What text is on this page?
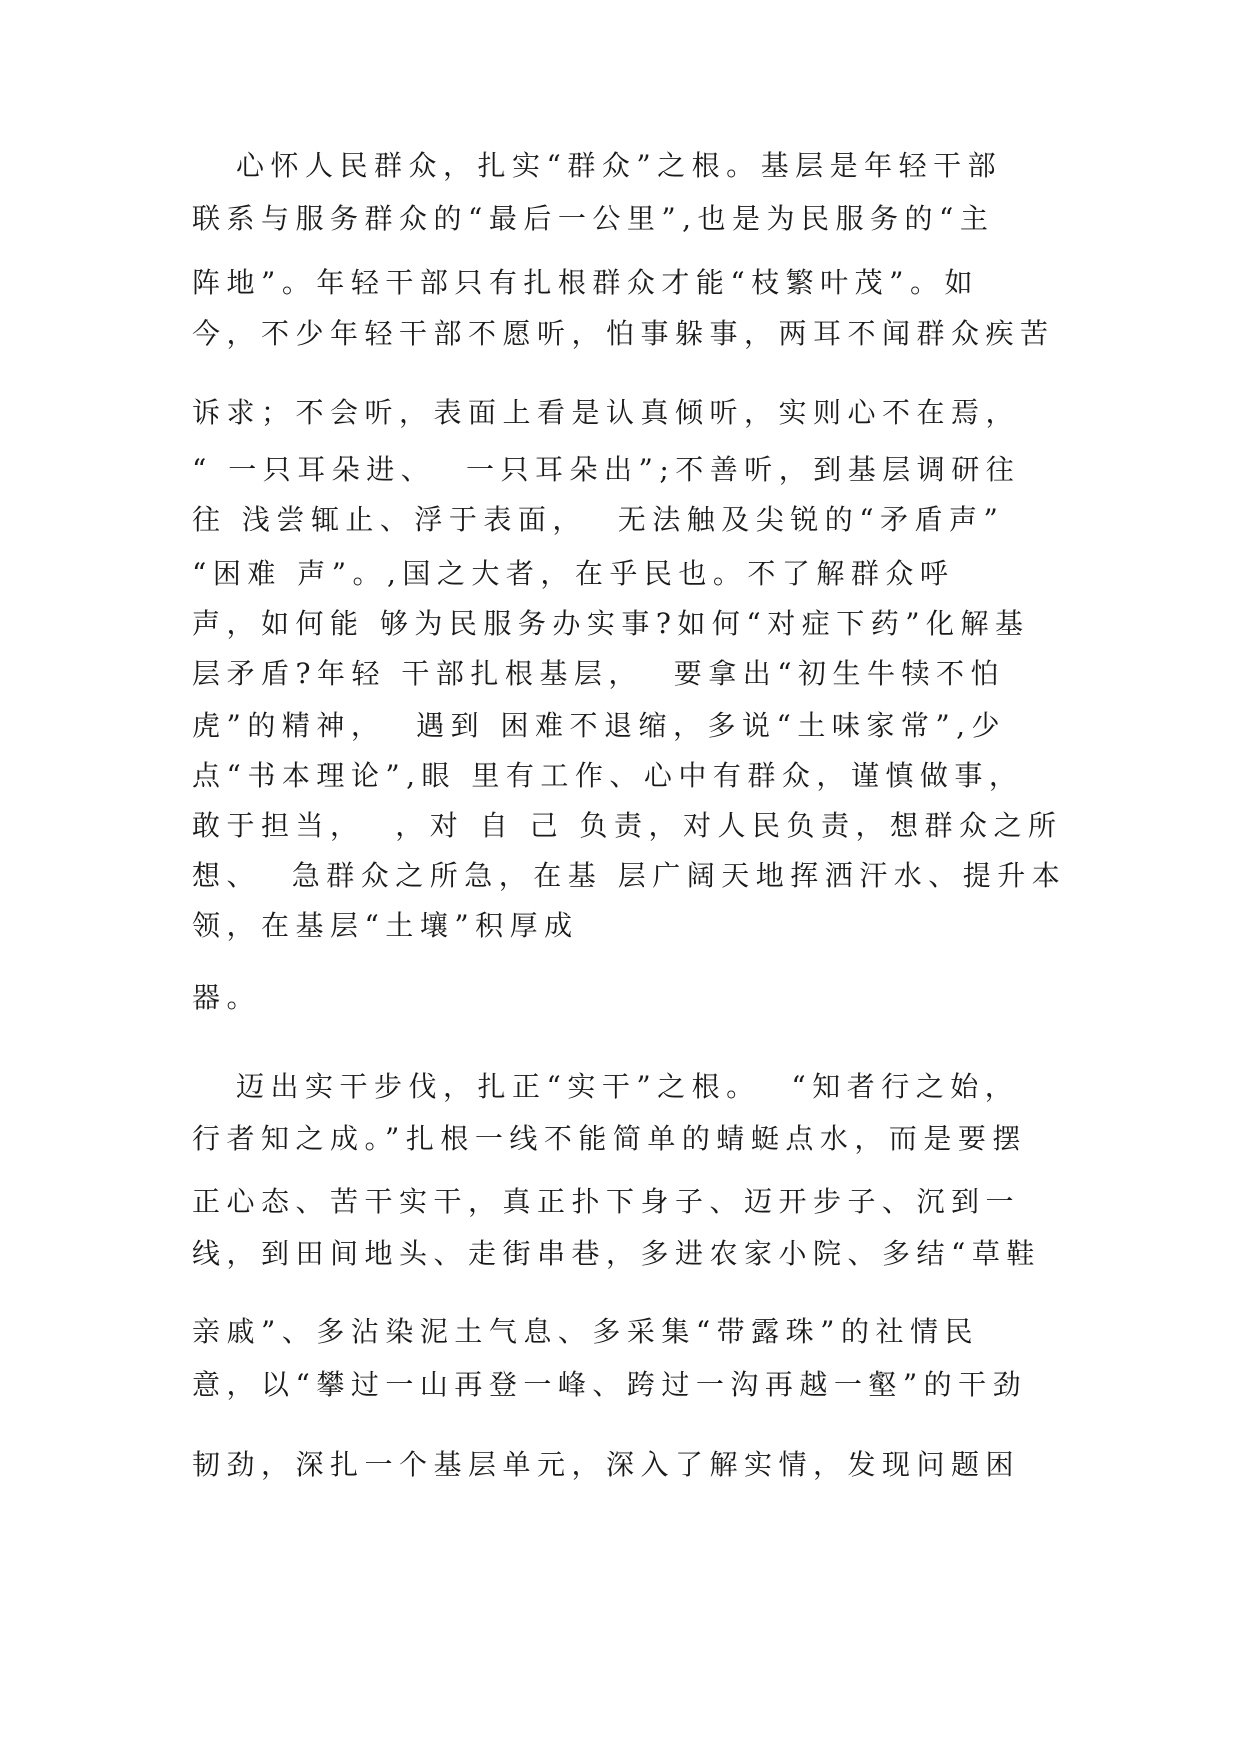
心怀人民群众，扎实“群众”之根。基层是年轻干部
联系与服务群众的“最后一公里”,也是为民服务的“主
阵地”。年轻干部只有扎根群众才能“枝繁叶茂”。如
今，不少年轻干部不愿听，怕事躲事，两耳不闻群众疾苦
诉求；不会听，表面上看是认真倾听，实则心不在焉，
“ 一只耳朵进、  一只耳朵出”;不善听，到基层调研往
往 浅尝辄止、浮于表面，  无法触及尖锐的“矛盾声”
“困难 声”。,国之大者，在乎民也。不了解群众呼
声，如何能 够为民服务办实事?如何“对症下药”化解基
层矛盾?年轻 干部扎根基层，  要拿出“初生牛犊不怕
虎”的精神，  遇到 困难不退缩，多说“土味家常”,少
点“书本理论”,眼 里有工作、心中有群众，谨慎做事，
敢于担当，  ，对 自 己 负责，对人民负责，想群众之所
想、  急群众之所急，在基 层广阔天地挥洒汗水、提升本
领，在基层“土壤”积厚成
器。
迈出实干步伐，扎正“实干”之根。  “知者行之始，
行者知之成。”扎根一线不能简单的蜻蜓点水，而是要摆
正心态、苦干实干，真正扑下身子、迈开步子、沉到一
线，到田间地头、走街串巷，多进农家小院、多结“草鞋
亲戚”、多沾染泥土气息、多采集“带露珠”的社情民
意，以“攀过一山再登一峰、跨过一沟再越一壑”的干劲
韧劲，深扎一个基层单元，深入了解实情，发现问题困
